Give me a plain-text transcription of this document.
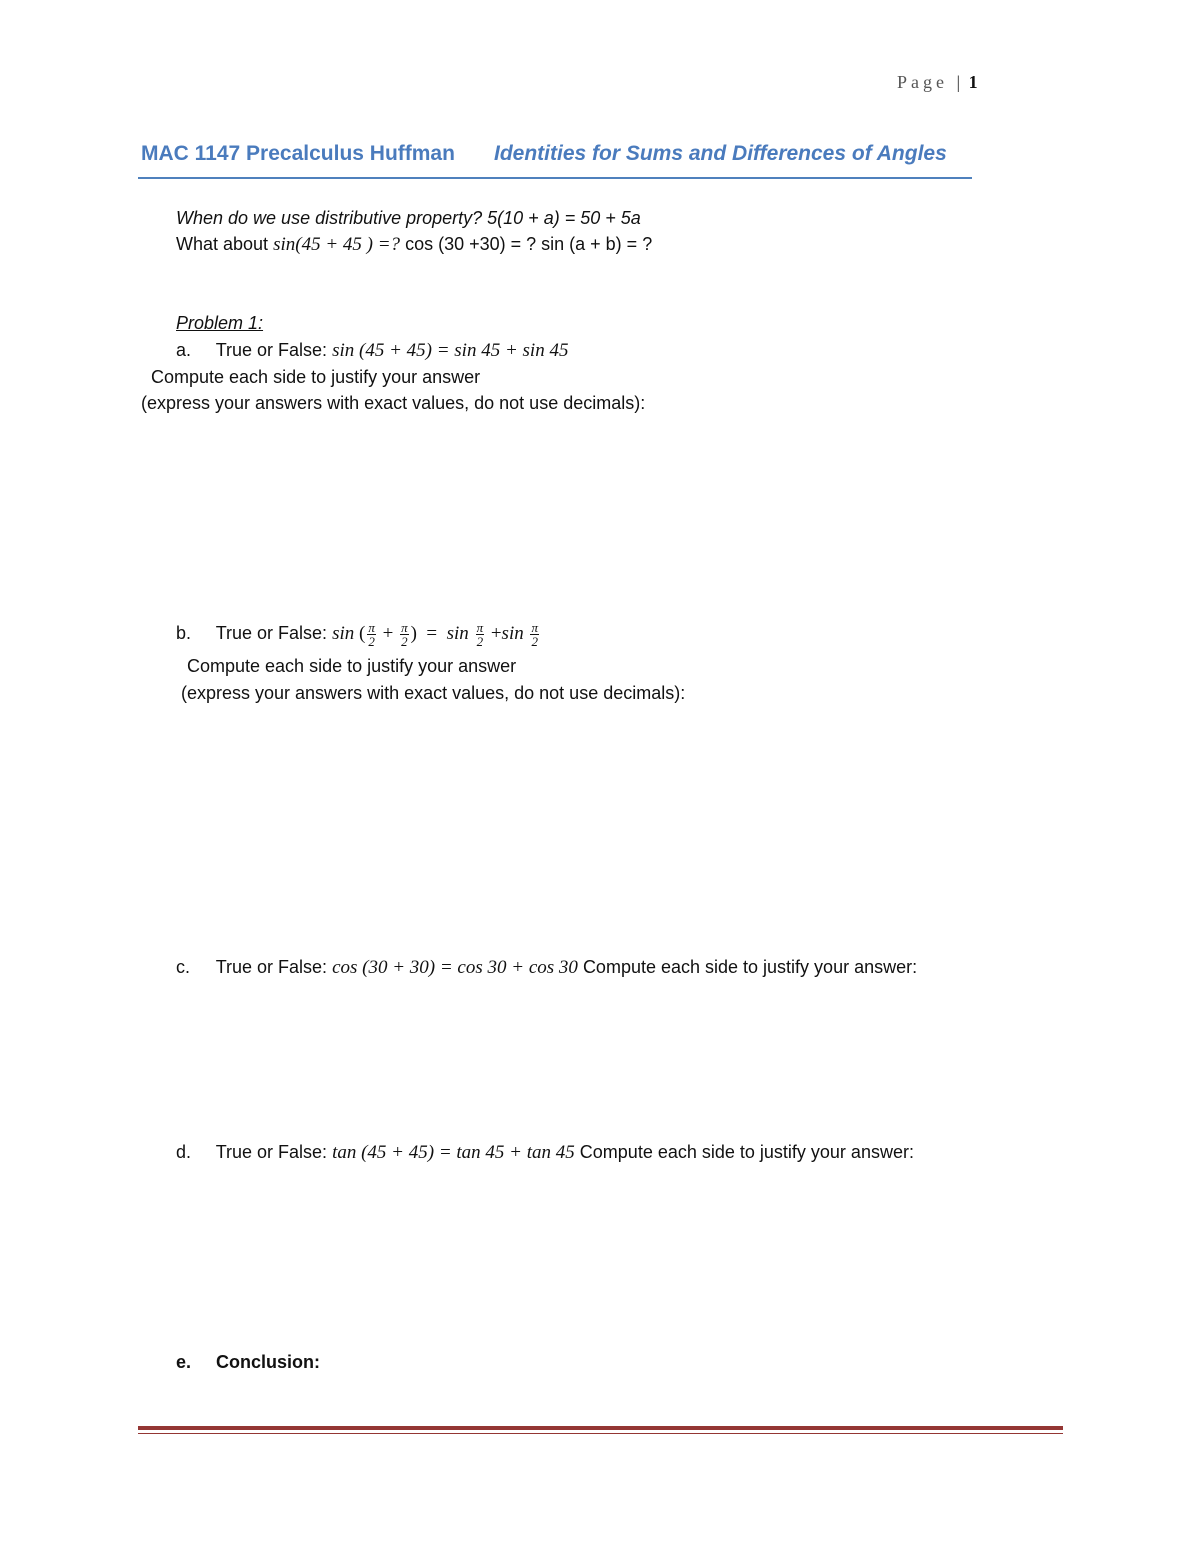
Page | 1
MAC 1147 Precalculus Huffman Identities for Sums and Differences of Angles
When do we use distributive property? 5(10 + a) = 50 + 5a
What about sin(45 + 45 ) =? cos (30 +30) = ? sin (a + b) = ?
Problem 1:
a. True or False: sin (45 + 45) = sin 45 + sin 45
Compute each side to justify your answer
(express your answers with exact values, do not use decimals):
b. True or False: sin ( $\frac{\pi}{2} + \frac{\pi}{2}$ ) = $\sin \frac{\pi}{2} +\sin \frac{\pi}{2}$
Compute each side to justify your answer
(express your answers with exact values, do not use decimals):
c. True or False: cos (30 + 30) = cos 30 + cos 30 Compute each side to justify your answer:
d. True or False: tan (45 + 45) = tan 45 + tan 45 Compute each side to justify your answer:
e. Conclusion:
